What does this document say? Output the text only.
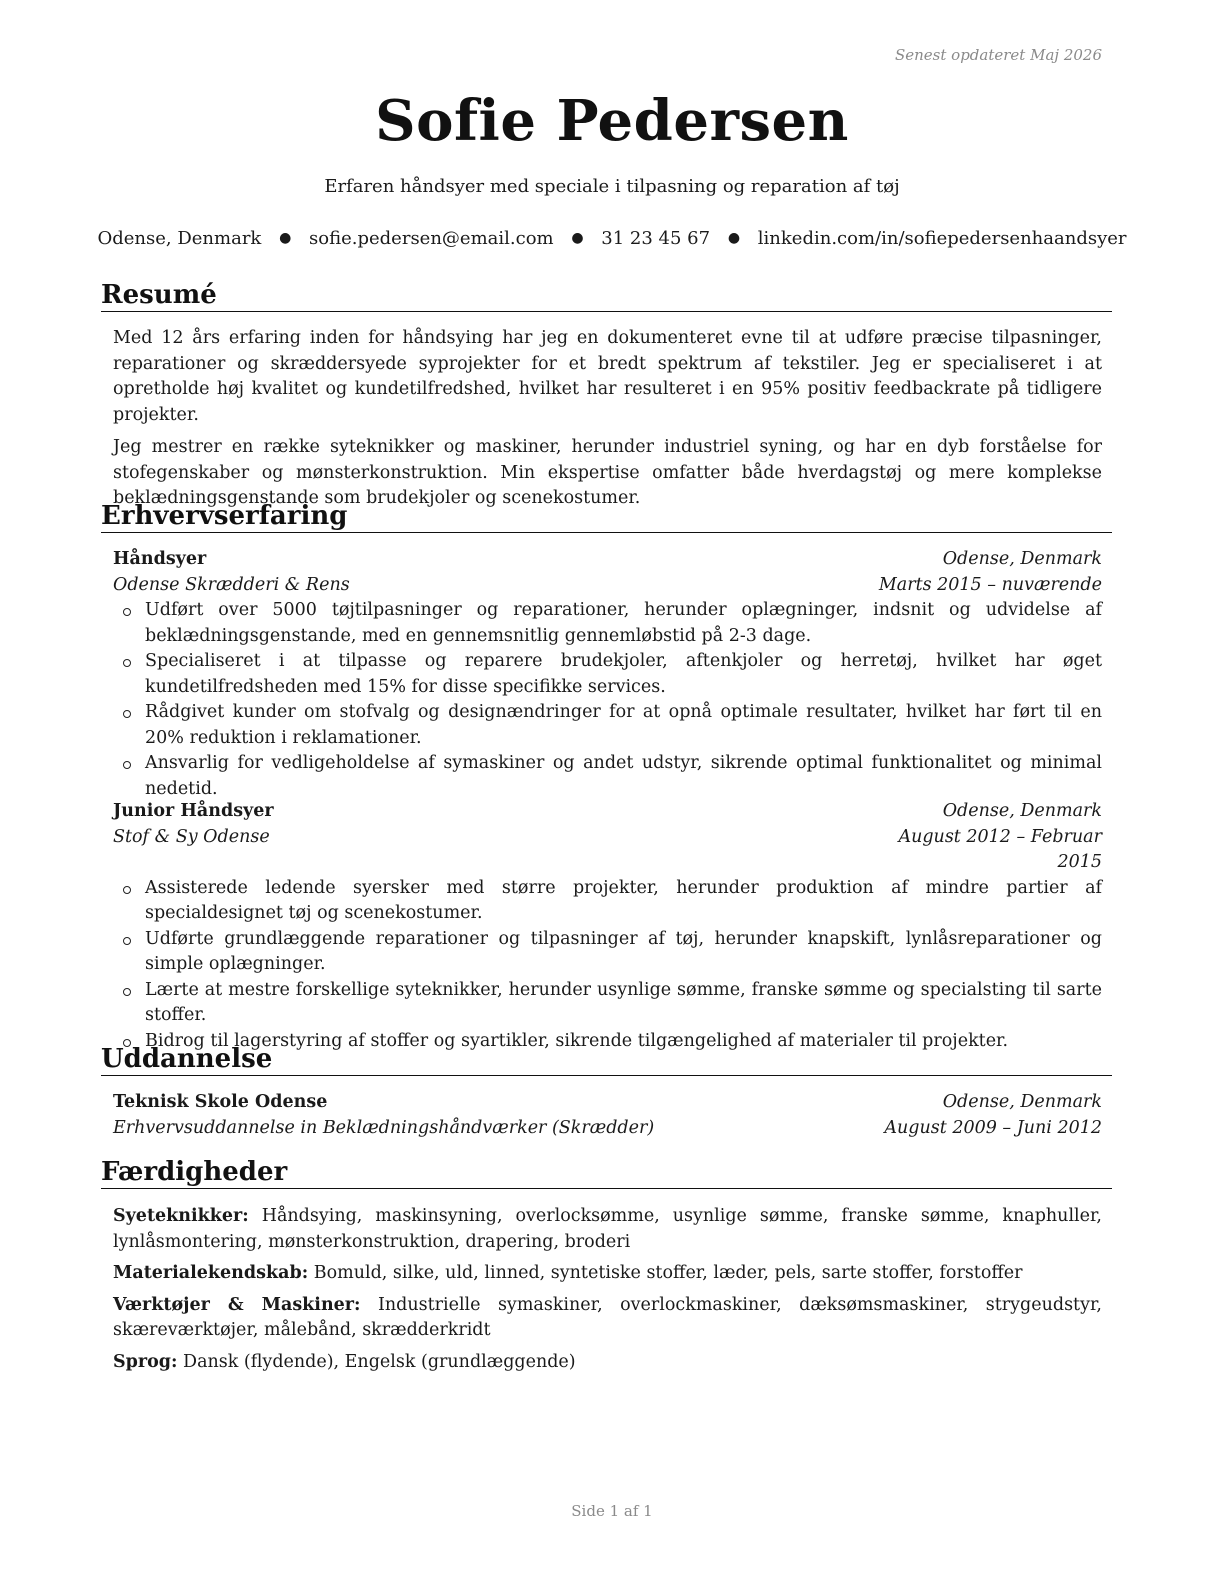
Senest opdateret Maj 2026
Sofie Pedersen
Erfaren håndsyer med speciale i tilpasning og reparation af tøj
Odense, Denmark ● sofie.pedersen@email.com ● 31 23 45 67 ● linkedin.com/in/sofiepedersenhaandsyer
Resumé

Med 12 års erfaring inden for håndsying har jeg en dokumenteret evne til at udføre præcise tilpasninger, reparationer og skræddersyede syprojekter for et bredt spektrum af tekstiler. Jeg er specialiseret i at opretholde høj kvalitet og kundetilfredshed, hvilket har resulteret i en 95% positiv feedbackrate på tidligere projekter.

Jeg mestrer en række syteknikker og maskiner, herunder industriel syning, og har en dyb forståelse for stofegenskaber og mønsterkonstruktion. Min ekspertise omfatter både hverdagstøj og mere komplekse beklædningsgenstande som brudekjoler og scenekostumer.

Erhvervserfaring
Håndsyer	Odense, Denmark
Odense Skrædderi & Rens	Marts 2015 – nuværende
Udført over 5000 tøjtilpasninger og reparationer, herunder oplægninger, indsnit og udvidelse af beklædningsgenstande, med en gennemsnitlig gennemløbstid på 2-3 dage.
Specialiseret i at tilpasse og reparere brudekjoler, aftenkjoler og herretøj, hvilket har øget kundetilfredsheden med 15% for disse specifikke services.
Rådgivet kunder om stofvalg og designændringer for at opnå optimale resultater, hvilket har ført til en 20% reduktion i reklamationer.
Ansvarlig for vedligeholdelse af symaskiner og andet udstyr, sikrende optimal funktionalitet og minimal nedetid.
Junior Håndsyer	Odense, Denmark
Stof & Sy Odense	August 2012 – Februar
2015
Assisterede ledende syersker med større projekter, herunder produktion af mindre partier af specialdesignet tøj og scenekostumer.
Udførte grundlæggende reparationer og tilpasninger af tøj, herunder knapskift, lynlåsreparationer og simple oplægninger.
Lærte at mestre forskellige syteknikker, herunder usynlige sømme, franske sømme og specialsting til sarte stoffer.
Bidrog til lagerstyring af stoffer og syartikler, sikrende tilgængelighed af materialer til projekter.
Uddannelse
Teknisk Skole Odense	Odense, Denmark
Erhvervsuddannelse in Beklædningshåndværker (Skrædder)	August 2009 – Juni 2012
Færdigheder

Syeteknikker: Håndsying, maskinsyning, overlocksømme, usynlige sømme, franske sømme, knaphuller, lynlåsmontering, mønsterkonstruktion, drapering, broderi

Materialekendskab: Bomuld, silke, uld, linned, syntetiske stoffer, læder, pels, sarte stoffer, forstoffer

Værktøjer & Maskiner: Industrielle symaskiner, overlockmaskiner, dæksømsmaskiner, strygeudstyr, skæreværktøjer, målebånd, skrædderkridt

Sprog: Dansk (flydende), Engelsk (grundlæggende)

Side 1 af 1
